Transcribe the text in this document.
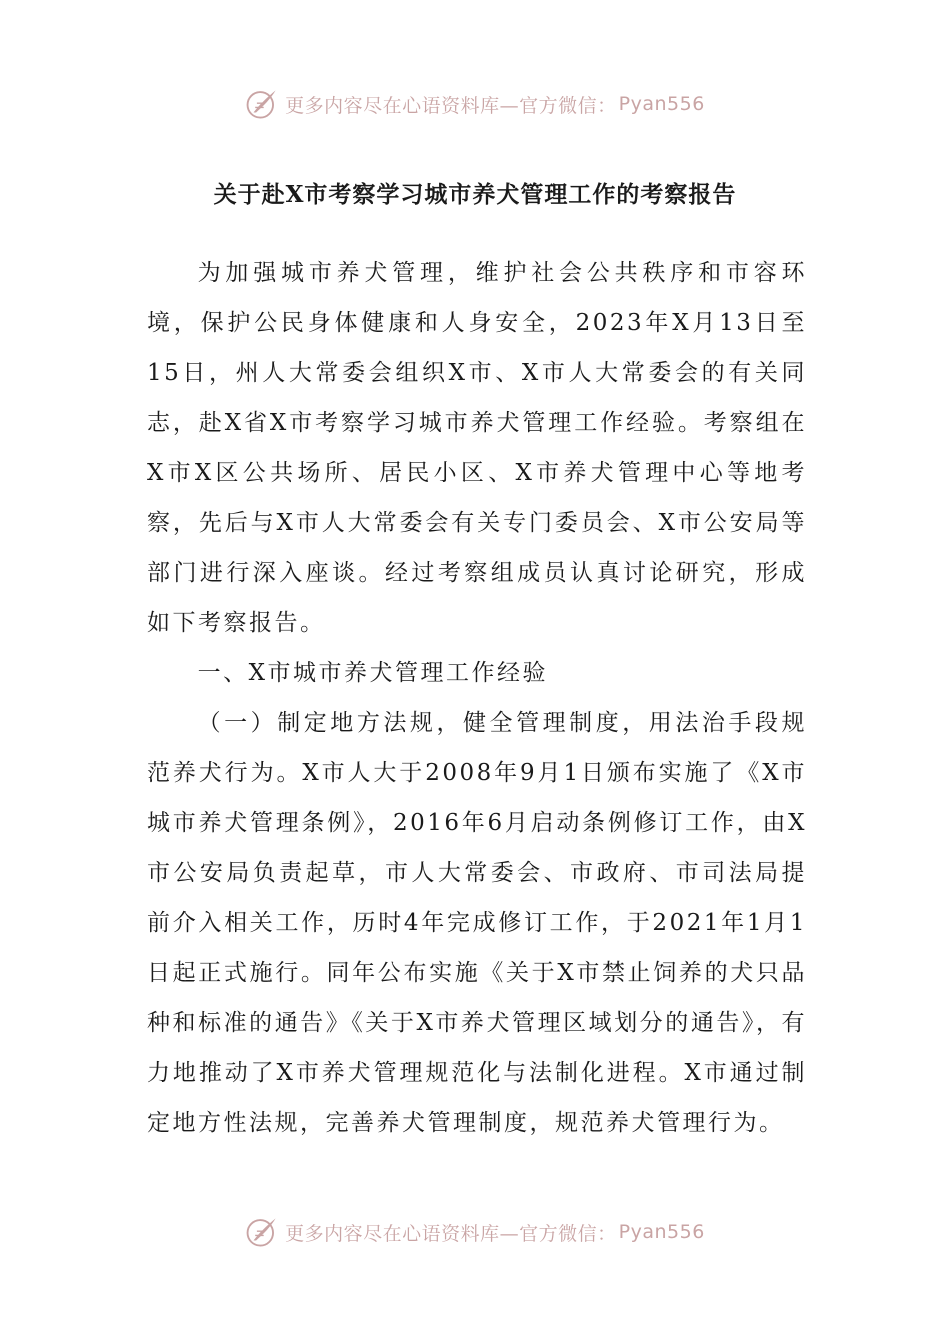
更多内容尽在心语资料库—官方微信： Pyan556
关于赴X市考察学习城市养犬管理工作的考察报告

为加强城市养犬管理，维护社会公共秩序和市容环境，保护公民身体健康和人身安全，2023年X月13日至15日，州人大常委会组织X市、X市人大常委会的有关同志，赴X省X市考察学习城市养犬管理工作经验。考察组在X市X区公共场所、居民小区、X市养犬管理中心等地考察，先后与X市人大常委会有关专门委员会、X市公安局等部门进行深入座谈。经过考察组成员认真讨论研究，形成如下考察报告。

一、X市城市养犬管理工作经验

（一）制定地方法规，健全管理制度，用法治手段规范养犬行为。X市人大于2008年9月1日颁布实施了《X市城市养犬管理条例》，2016年6月启动条例修订工作，由X市公安局负责起草，市人大常委会、市政府、市司法局提前介入相关工作，历时4年完成修订工作，于2021年1月1日起正式施行。同年公布实施《关于X市禁止饲养的犬只品种和标准的通告》《关于X市养犬管理区域划分的通告》，有力地推动了X市养犬管理规范化与法制化进程。X市通过制定地方性法规，完善养犬管理制度，规范养犬管理行为。

更多内容尽在心语资料库—官方微信： Pyan556
